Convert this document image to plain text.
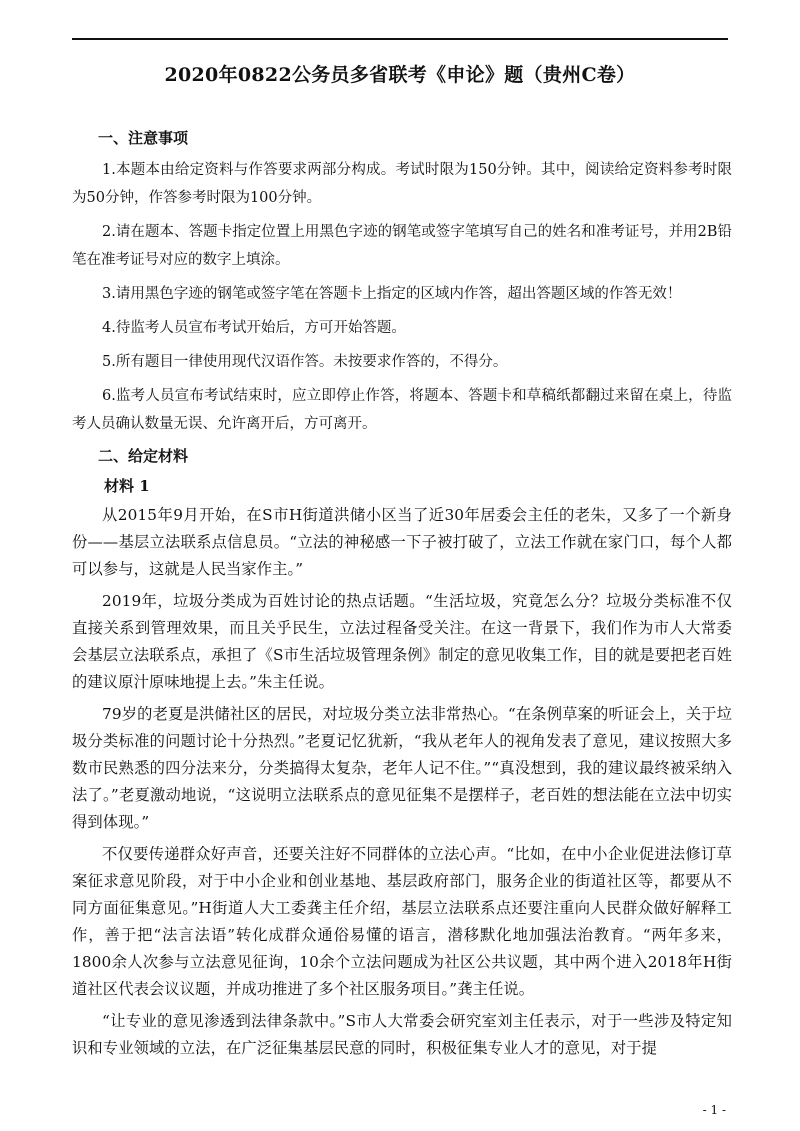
2020年0822公务员多省联考《申论》题（贵州C卷）
一、注意事项

1.本题本由给定资料与作答要求两部分构成。考试时限为150分钟。其中，阅读给定资料参考时限为50分钟，作答参考时限为100分钟。

2.请在题本、答题卡指定位置上用黑色字迹的钢笔或签字笔填写自己的姓名和准考证号，并用2B铅笔在准考证号对应的数字上填涂。

3.请用黑色字迹的钢笔或签字笔在答题卡上指定的区域内作答，超出答题区域的作答无效！

4.待监考人员宣布考试开始后，方可开始答题。

5.所有题目一律使用现代汉语作答。未按要求作答的，不得分。

6.监考人员宣布考试结束时，应立即停止作答，将题本、答题卡和草稿纸都翻过来留在桌上，待监考人员确认数量无误、允许离开后，方可离开。

二、给定材料
材料 1

从2015年9月开始，在S市H街道洪储小区当了近30年居委会主任的老朱，又多了一个新身份——基层立法联系点信息员。“立法的神秘感一下子被打破了，立法工作就在家门口，每个人都可以参与，这就是人民当家作主。”

2019年，垃圾分类成为百姓讨论的热点话题。“生活垃圾，究竟怎么分？垃圾分类标准不仅直接关系到管理效果，而且关乎民生，立法过程备受关注。在这一背景下，我们作为市人大常委会基层立法联系点，承担了《S市生活垃圾管理条例》制定的意见收集工作，目的就是要把老百姓的建议原汁原味地提上去。”朱主任说。

79岁的老夏是洪储社区的居民，对垃圾分类立法非常热心。“在条例草案的听证会上，关于垃圾分类标准的问题讨论十分热烈。”老夏记忆犹新，“我从老年人的视角发表了意见，建议按照大多数市民熟悉的四分法来分，分类搞得太复杂，老年人记不住。”“真没想到，我的建议最终被采纳入法了。”老夏激动地说，“这说明立法联系点的意见征集不是摆样子，老百姓的想法能在立法中切实得到体现。”

不仅要传递群众好声音，还要关注好不同群体的立法心声。“比如，在中小企业促进法修订草案征求意见阶段，对于中小企业和创业基地、基层政府部门，服务企业的街道社区等，都要从不同方面征集意见。”H街道人大工委龚主任介绍，基层立法联系点还要注重向人民群众做好解释工作，善于把“法言法语”转化成群众通俗易懂的语言，潜移默化地加强法治教育。“两年多来，1800余人次参与立法意见征询，10余个立法问题成为社区公共议题，其中两个进入2018年H街道社区代表会议议题，并成功推进了多个社区服务项目。”龚主任说。

“让专业的意见渗透到法律条款中。”S市人大常委会研究室刘主任表示，对于一些涉及特定知识和专业领域的立法，在广泛征集基层民意的同时，积极征集专业人才的意见，对于提

- 1 -
